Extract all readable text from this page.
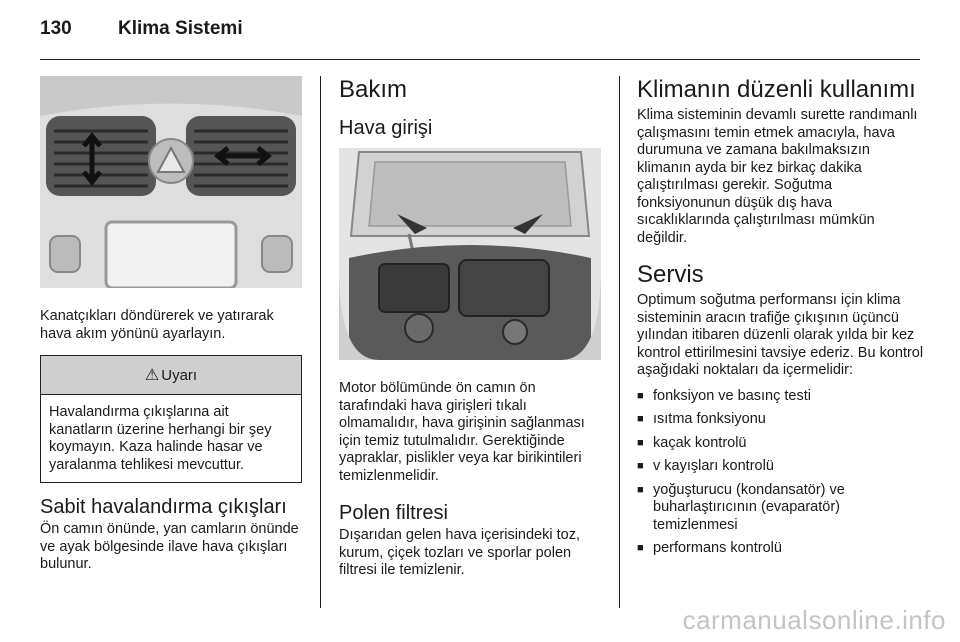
130 Klima Sistemi

Kanatçıkları döndürerek ve yatırarak hava akım yönünü ayarlayın.

⚠ Uyarı
Havalandırma çıkışlarına ait kanatların üzerine herhangi bir şey koymayın. Kaza halinde hasar ve yaralanma tehlikesi mevcuttur.
Sabit havalandırma çıkışları

Ön camın önünde, yan camların önünde ve ayak bölgesinde ilave hava çıkışları bulunur.

Bakım
Hava girişi

Motor bölümünde ön camın ön tarafındaki hava girişleri tıkalı olmamalıdır, hava girişinin sağlanması için temiz tutulmalıdır. Gerektiğinde yapraklar, pislikler veya kar birikintileri temizlenmelidir.

Polen filtresi

Dışarıdan gelen hava içerisindeki toz, kurum, çiçek tozları ve sporlar polen filtresi ile temizlenir.

Klimanın düzenli kullanımı

Klima sisteminin devamlı surette randımanlı çalışmasını temin etmek amacıyla, hava durumuna ve zamana bakılmaksızın klimanın ayda bir kez birkaç dakika çalıştırılması gerekir. Soğutma fonksiyonunun düşük dış hava sıcaklıklarında çalıştırılması mümkün değildir.

Servis

Optimum soğutma performansı için klima sisteminin aracın trafiğe çıkışının üçüncü yılından itibaren düzenli olarak yılda bir kez kontrol ettirilmesini tavsiye ederiz. Bu kontrol aşağıdaki noktaları da içermelidir:

■ fonksiyon ve basınç testi
■ ısıtma fonksiyonu
■ kaçak kontrolü
■ v kayışları kontrolü
■ yoğuşturucu (kondansatör) ve buharlaştırıcının (evaparatör) temizlenmesi
■ performans kontrolü
carmanualsonline.info
